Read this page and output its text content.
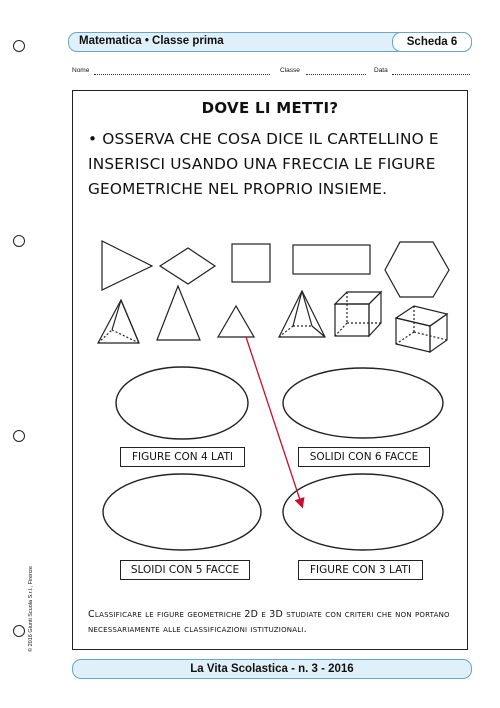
Matematica • Classe prima	Scheda 6
Nome	Classe	Data
DOVE LI METTI?
• OSSERVA CHE COSA DICE IL CARTELLINO E INSERISCI USANDO UNA FRECCIA LE FIGURE GEOMETRICHE NEL PROPRIO INSIEME.
FIGURE CON 4 LATI	SOLIDI CON 6 FACCE
SLOIDI CON 5 FACCE	FIGURE CON 3 LATI
Classificare le figure geometriche 2D e 3D studiate con criteri che non portano necessariamente alle classificazioni istituzionali.
© 2016 Giunti Scuola S.r.l., Firenze
La Vita Scolastica - n. 3 - 2016
